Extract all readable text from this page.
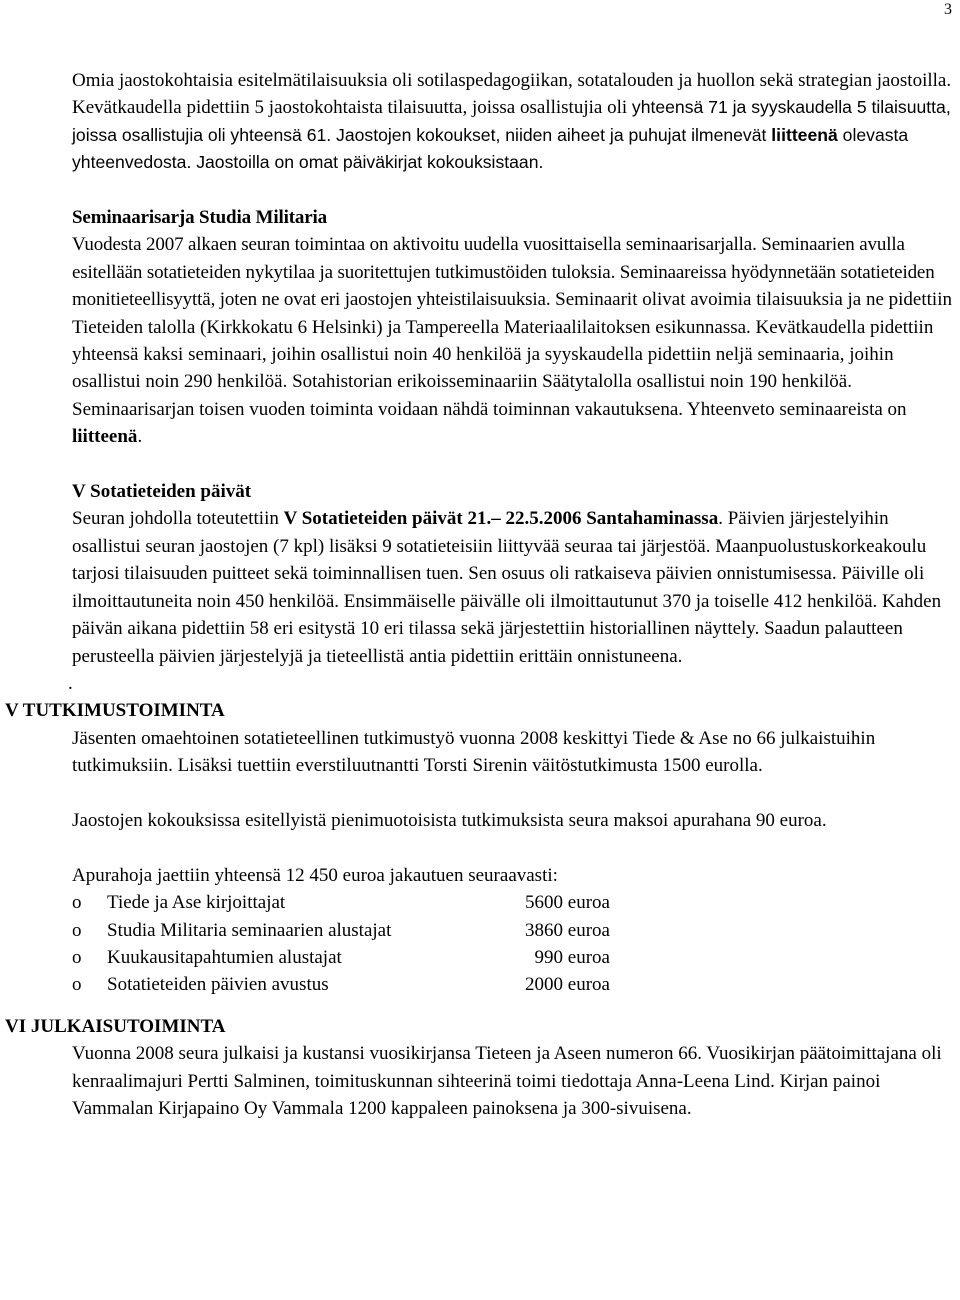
3

Omia jaostokohtaisia esitelmätilaisuuksia oli sotilaspedagogiikan, sotatalouden ja huollon sekä strategian jaostoilla. Kevätkaudella pidettiin 5 jaostokohtaista tilaisuutta, joissa osallistujia oli yhteensä 71 ja syyskaudella 5 tilaisuutta, joissa osallistujia oli yhteensä 61. Jaostojen kokoukset, niiden aiheet ja puhujat ilmenevät liitteenä olevasta yhteenvedosta. Jaostoilla on omat päiväkirjat kokouksistaan.

Seminaarisarja Studia Militaria

Vuodesta 2007 alkaen seuran toimintaa on aktivoitu uudella vuosittaisella seminaarisarjalla. Seminaarien avulla esitellään sotatieteiden nykytilaa ja suoritettujen tutkimustöiden tuloksia. Seminaareissa hyödynnetään sotatieteiden monitieteellisyyttä, joten ne ovat eri jaostojen yhteistilaisuuksia. Seminaarit olivat avoimia tilaisuuksia ja ne pidettiin Tieteiden talolla (Kirkkokatu 6 Helsinki) ja Tampereella Materiaalilaitoksen esikunnassa. Kevätkaudella pidettiin yhteensä kaksi seminaari, joihin osallistui noin 40 henkilöä ja syyskaudella pidettiin neljä seminaaria, joihin osallistui noin 290 henkilöä. Sotahistorian erikoisseminaariin Säätytalolla osallistui noin 190 henkilöä. Seminaarisarjan toisen vuoden toiminta voidaan nähdä toiminnan vakautuksena. Yhteenveto seminaareista on liitteenä.

V Sotatieteiden päivät

Seuran johdolla toteutettiin V Sotatieteiden päivät 21.– 22.5.2006 Santahaminassa. Päivien järjestelyihin osallistui seuran jaostojen (7 kpl) lisäksi 9 sotatieteisiin liittyvää seuraa tai järjestöä. Maanpuolustuskorkeakoulu tarjosi tilaisuuden puitteet sekä toiminnallisen tuen. Sen osuus oli ratkaiseva päivien onnistumisessa. Päiville oli ilmoittautuneita noin 450 henkilöä. Ensimmäiselle päivälle oli ilmoittautunut 370 ja toiselle 412 henkilöä. Kahden päivän aikana pidettiin 58 eri esitystä 10 eri tilassa sekä järjestettiin historiallinen näyttely. Saadun palautteen perusteella päivien järjestelyjä ja tieteellistä antia pidettiin erittäin onnistuneena.

.

V TUTKIMUSTOIMINTA

Jäsenten omaehtoinen sotatieteellinen tutkimustyö vuonna 2008 keskittyi Tiede & Ase no 66 julkaistuihin tutkimuksiin. Lisäksi tuettiin everstiluutnantti Torsti Sirenin väitöstutkimusta 1500 eurolla.

Jaostojen kokouksissa esitellyistä pienimuotoisista tutkimuksista seura maksoi apurahana 90 euroa.

Apurahoja jaettiin yhteensä 12 450 euroa jakautuen seuraavasti:

o	Tiede ja Ase kirjoittajat	5600 euroa
o	Studia Militaria seminaarien alustajat	3860 euroa
o	Kuukausitapahtumien alustajat	990 euroa
o	Sotatieteiden päivien avustus	2000 euroa

VI JULKAISUTOIMINTA

Vuonna 2008 seura julkaisi ja kustansi vuosikirjansa Tieteen ja Aseen numeron 66. Vuosikirjan päätoimittajana oli kenraalimajuri Pertti Salminen, toimituskunnan sihteerinä toimi tiedottaja Anna-Leena Lind. Kirjan painoi Vammalan Kirjapaino Oy Vammala 1200 kappaleen painoksena ja 300-sivuisena.
